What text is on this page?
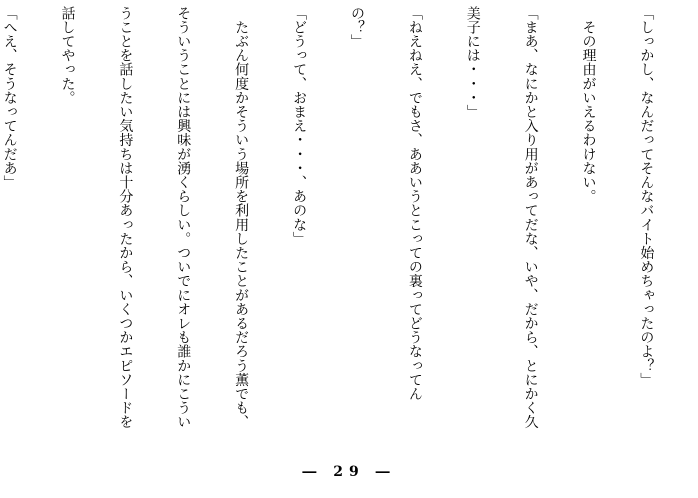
「しっかし、なんだってそんなバイト始めちゃったのよ？」

　その理由がいえるわけない。

「まあ、なにかと入り用があってだな、いや、だから、とにかく久

美子には・・・」

「ねえねえ、でもさ、ああいうとこっての裏ってどうなってん

の？」

「どうって、おまえ・・・、あのな」

　たぶん何度かそういう場所を利用したことがあるだろう薫でも、

そういうことには興味が湧くらしい。ついでにオレも誰かにこうい

うことを話したい気持ちは十分あったから、いくつかエピソードを

話してやった。

「へえ、そうなってんだあ」

― 29 ―
